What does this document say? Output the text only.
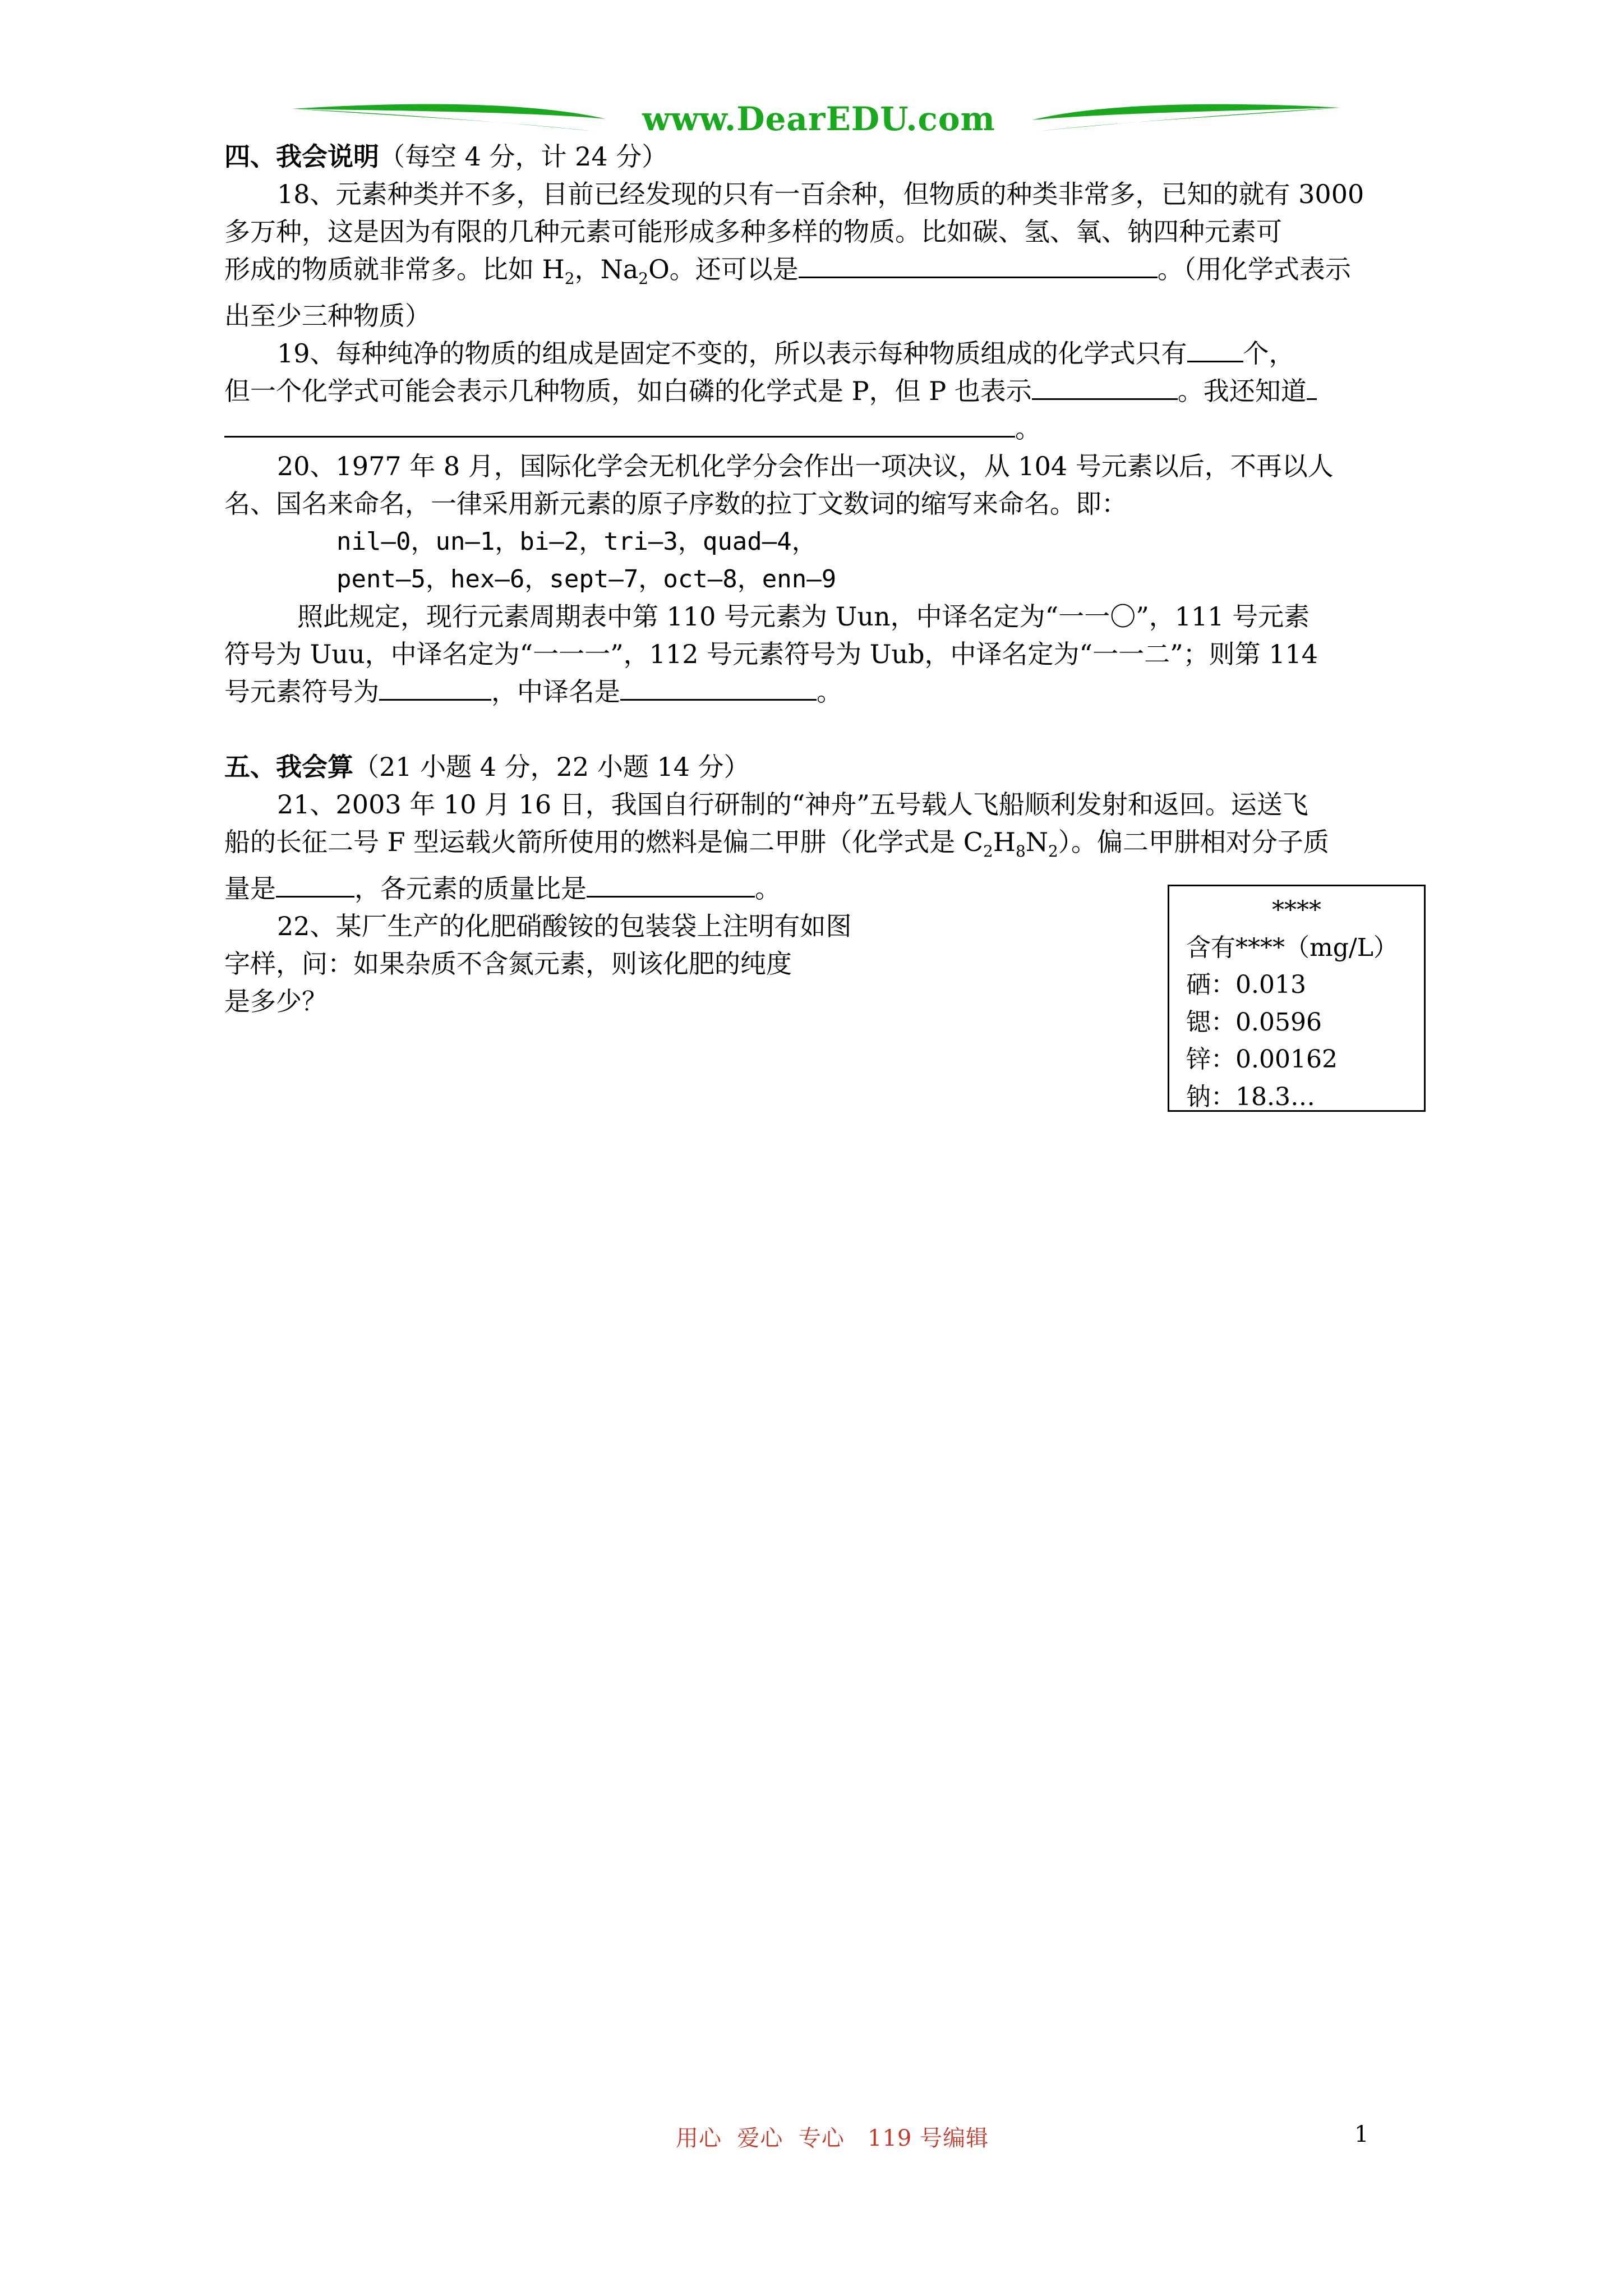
www.DearEDU.com

四、我会说明（每空 4 分，计 24 分）

18、元素种类并不多，目前已经发现的只有一百余种，但物质的种类非常多，已知的就有 3000

多万种，这是因为有限的几种元素可能形成多种多样的物质。比如碳、氢、氧、钠四种元素可

形成的物质就非常多。比如 $H_2$，$Na_2O$。还可以是	。（用化学式表示

出至少三种物质）

19、每种纯净的物质的组成是固定不变的，所以表示每种物质组成的化学式只有 个，

但一个化学式可能会表示几种物质，如白磷的化学式是 P，但 P 也表示	。我还知道

。

20、1977 年 8 月，国际化学会无机化学分会作出一项决议，从 104 号元素以后，不再以人

名、国名来命名，一律采用新元素的原子序数的拉丁文数词的缩写来命名。即：

nil—0，un—1，bi—2，tri—3，quad—4，

pent—5，hex—6，sept—7，oct—8，enn—9

照此规定，现行元素周期表中第 110 号元素为 Uun，中译名定为“一一〇”，111 号元素

符号为 Uuu，中译名定为“一一一”，112 号元素符号为 Uub，中译名定为“一一二”；则第 114

号元素符号为	，中译名是	。

五、我会算（21 小题 4 分，22 小题 14 分）

21、2003 年 10 月 16 日，我国自行研制的“神舟”五号载人飞船顺利发射和返回。运送飞

船的长征二号 F 型运载火箭所使用的燃料是偏二甲肼（化学式是 $C_2H_8N_2$）。偏二甲肼相对分子质

量是	，各元素的质量比是	。

22、某厂生产的化肥硝酸铵的包装袋上注明有如图

字样，问：如果杂质不含氮元素，则该化肥的纯度

是多少？

****
含有****（mg/L）
硒：0.013
锶：0.0596
锌：0.00162
钠：18.3…
用心  爱心  专心   119 号编辑	1
